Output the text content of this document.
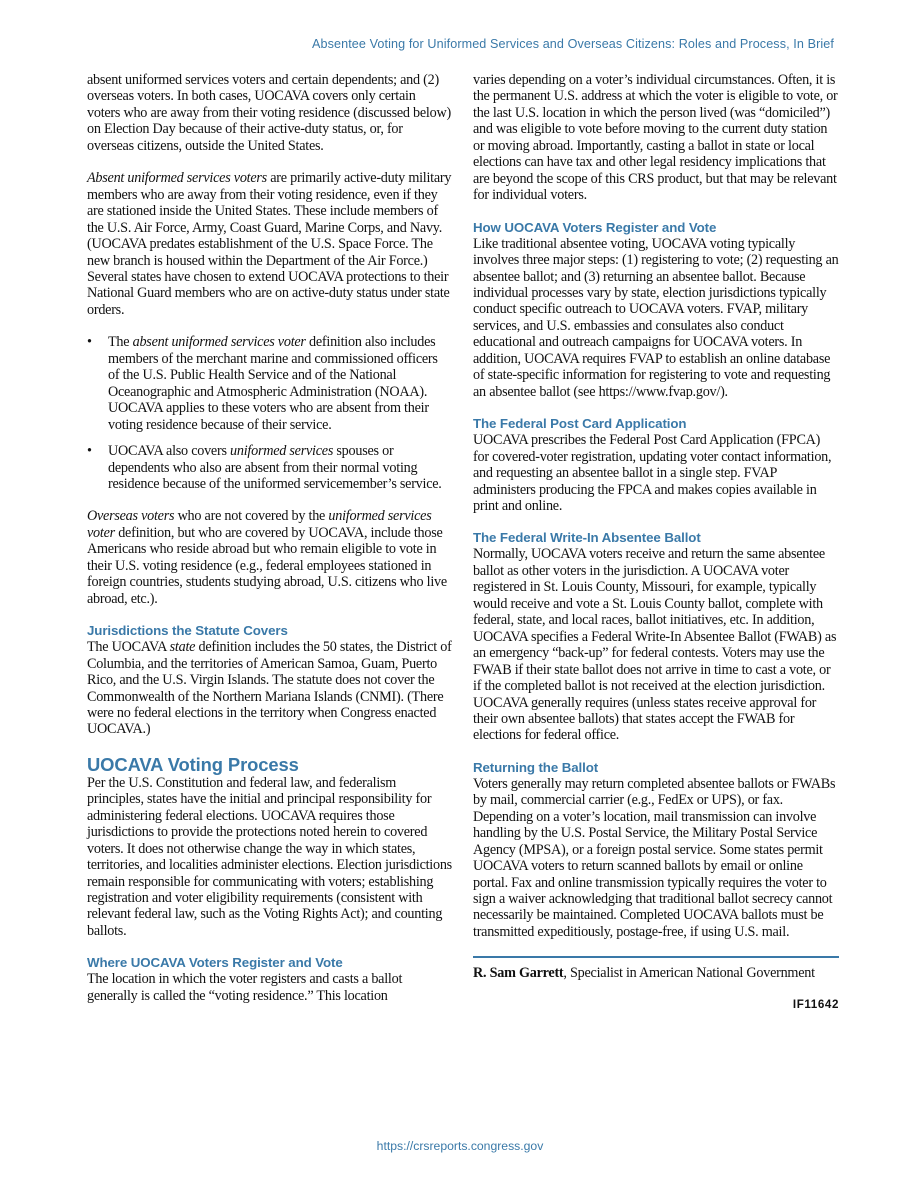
Absentee Voting for Uniformed Services and Overseas Citizens: Roles and Process, In Brief

absent uniformed services voters and certain dependents; and (2) overseas voters. In both cases, UOCAVA covers only certain voters who are away from their voting residence (discussed below) on Election Day because of their active-duty status, or, for overseas citizens, outside the United States.

Absent uniformed services voters are primarily active-duty military members who are away from their voting residence, even if they are stationed inside the United States. These include members of the U.S. Air Force, Army, Coast Guard, Marine Corps, and Navy. (UOCAVA predates establishment of the U.S. Space Force. The new branch is housed within the Department of the Air Force.) Several states have chosen to extend UOCAVA protections to their National Guard members who are on active-duty status under state orders.

• The absent uniformed services voter definition also includes members of the merchant marine and commissioned officers of the U.S. Public Health Service and of the National Oceanographic and Atmospheric Administration (NOAA). UOCAVA applies to these voters who are absent from their voting residence because of their service.
• UOCAVA also covers uniformed services spouses or dependents who also are absent from their normal voting residence because of the uniformed servicemember’s service.

Overseas voters who are not covered by the uniformed services voter definition, but who are covered by UOCAVA, include those Americans who reside abroad but who remain eligible to vote in their U.S. voting residence (e.g., federal employees stationed in foreign countries, students studying abroad, U.S. citizens who live abroad, etc.).

Jurisdictions the Statute Covers

The UOCAVA state definition includes the 50 states, the District of Columbia, and the territories of American Samoa, Guam, Puerto Rico, and the U.S. Virgin Islands. The statute does not cover the Commonwealth of the Northern Mariana Islands (CNMI). (There were no federal elections in the territory when Congress enacted UOCAVA.)

UOCAVA Voting Process

Per the U.S. Constitution and federal law, and federalism principles, states have the initial and principal responsibility for administering federal elections. UOCAVA requires those jurisdictions to provide the protections noted herein to covered voters. It does not otherwise change the way in which states, territories, and localities administer elections. Election jurisdictions remain responsible for communicating with voters; establishing registration and voter eligibility requirements (consistent with relevant federal law, such as the Voting Rights Act); and counting ballots.

Where UOCAVA Voters Register and Vote

The location in which the voter registers and casts a ballot generally is called the “voting residence.” This location

varies depending on a voter’s individual circumstances. Often, it is the permanent U.S. address at which the voter is eligible to vote, or the last U.S. location in which the person lived (was “domiciled”) and was eligible to vote before moving to the current duty station or moving abroad. Importantly, casting a ballot in state or local elections can have tax and other legal residency implications that are beyond the scope of this CRS product, but that may be relevant for individual voters.

How UOCAVA Voters Register and Vote

Like traditional absentee voting, UOCAVA voting typically involves three major steps: (1) registering to vote; (2) requesting an absentee ballot; and (3) returning an absentee ballot. Because individual processes vary by state, election jurisdictions typically conduct specific outreach to UOCAVA voters. FVAP, military services, and U.S. embassies and consulates also conduct educational and outreach campaigns for UOCAVA voters. In addition, UOCAVA requires FVAP to establish an online database of state-specific information for registering to vote and requesting an absentee ballot (see https://www.fvap.gov/).

The Federal Post Card Application

UOCAVA prescribes the Federal Post Card Application (FPCA) for covered-voter registration, updating voter contact information, and requesting an absentee ballot in a single step. FVAP administers producing the FPCA and makes copies available in print and online.

The Federal Write-In Absentee Ballot

Normally, UOCAVA voters receive and return the same absentee ballot as other voters in the jurisdiction. A UOCAVA voter registered in St. Louis County, Missouri, for example, typically would receive and vote a St. Louis County ballot, complete with federal, state, and local races, ballot initiatives, etc. In addition, UOCAVA specifies a Federal Write-In Absentee Ballot (FWAB) as an emergency “back-up” for federal contests. Voters may use the FWAB if their state ballot does not arrive in time to cast a vote, or if the completed ballot is not received at the election jurisdiction. UOCAVA generally requires (unless states receive approval for their own absentee ballots) that states accept the FWAB for elections for federal office.

Returning the Ballot

Voters generally may return completed absentee ballots or FWABs by mail, commercial carrier (e.g., FedEx or UPS), or fax. Depending on a voter’s location, mail transmission can involve handling by the U.S. Postal Service, the Military Postal Service Agency (MPSA), or a foreign postal service. Some states permit UOCAVA voters to return scanned ballots by email or online portal. Fax and online transmission typically requires the voter to sign a waiver acknowledging that traditional ballot secrecy cannot necessarily be maintained. Completed UOCAVA ballots must be transmitted expeditiously, postage-free, if using U.S. mail.

R. Sam Garrett, Specialist in American National Government

IF11642
https://crsreports.congress.gov
